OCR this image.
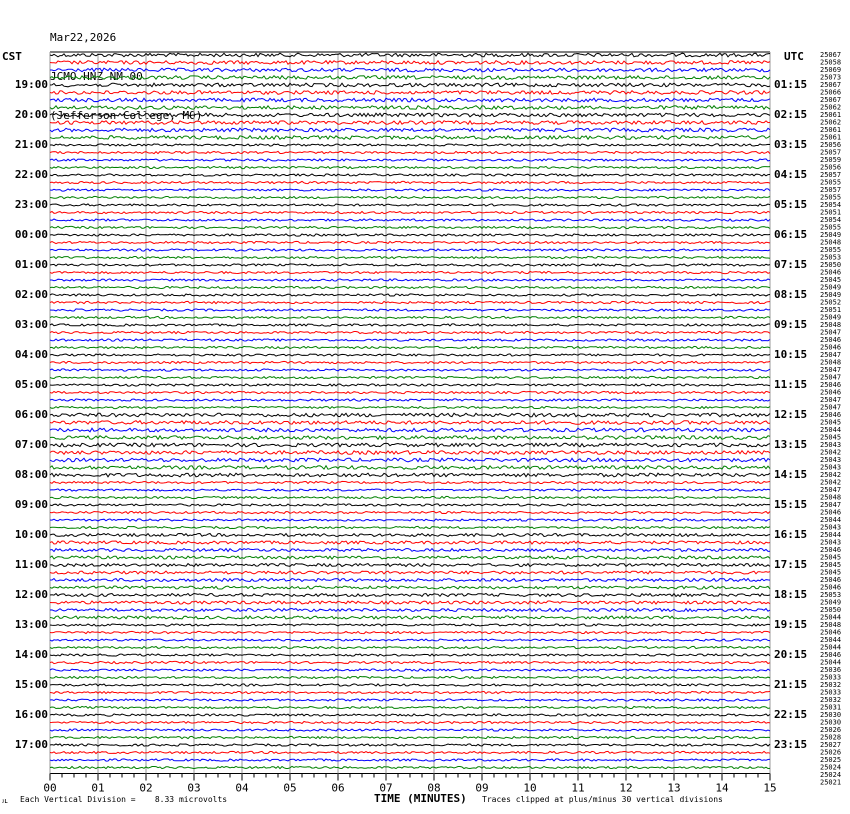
Mar22,2026

JCMO HNZ NM 00

(Jefferson College, MO)

CST	UTC
19:00	01:15
20:00	02:15
21:00	03:15
22:00	04:15
23:00	05:15
00:00	06:15
01:00	07:15
02:00	08:15
03:00	09:15
04:00	10:15
05:00	11:15
06:00	12:15
07:00	13:15
08:00	14:15
09:00	15:15
10:00	16:15
11:00	17:15
12:00	18:15
13:00	19:15
14:00	20:15
15:00	21:15
16:00	22:15
17:00	23:15
25067
25058
25069
25073
25067
25066
25067
25062
25061
25062
25061
25061
25056
25057
25059
25056
25057
25055
25057
25055
25054
25051
25054
25055
25049
25048
25055
25053
25050
25046
25045
25049
25049
25052
25051
25049
25048
25047
25046
25046
25047
25048
25047
25047
25046
25046
25047
25047
25046
25045
25044
25045
25043
25042
25043
25043
25042
25042
25047
25048
25047
25046
25044
25043
25044
25043
25046
25045
25045
25045
25046
25046
25053
25049
25050
25044
25048
25046
25044
25044
25046
25044
25036
25033
25032
25033
25032
25031
25030
25030
25026
25028
25027
25026
25025
25024
25024
25021
00	01	02	03	04	05	06	07	08	09	10	11	12	13	14	15
ᴊʟ Each Vertical Division =    8.33 microvolts	TIME (MINUTES) Traces clipped at plus/minus 30 vertical divisions
